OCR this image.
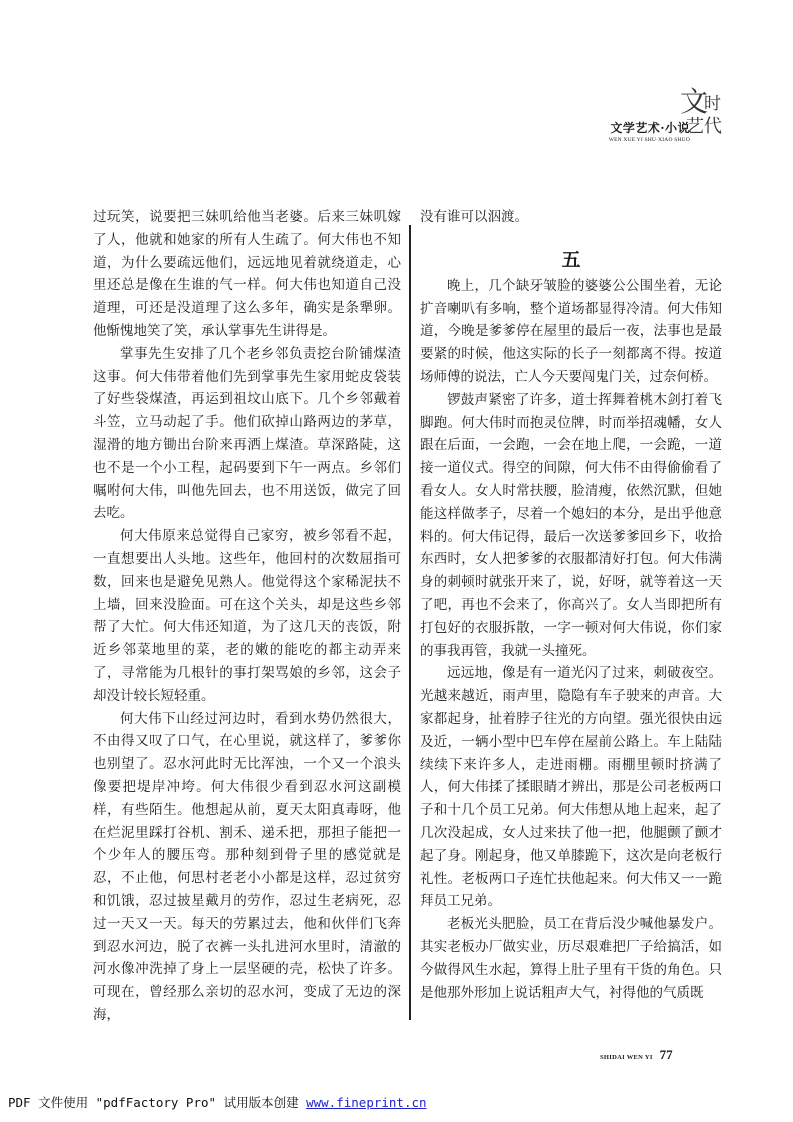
文学艺术·小说
WEN XUE YI SHU·XIAO SHUO
文
时
艺 代

过玩笑，说要把三妹叽给他当老婆。后来三妹叽嫁了人，他就和她家的所有人生疏了。何大伟也不知道，为什么要疏远他们，远远地见着就绕道走，心里还总是像在生谁的气一样。何大伟也知道自己没道理，可还是没道理了这么多年，确实是条犟卵。他惭愧地笑了笑，承认掌事先生讲得是。

掌事先生安排了几个老乡邻负责挖台阶铺煤渣这事。何大伟带着他们先到掌事先生家用蛇皮袋装了好些袋煤渣，再运到祖坟山底下。几个乡邻戴着斗笠，立马动起了手。他们砍掉山路两边的茅草，湿滑的地方锄出台阶来再洒上煤渣。草深路陡，这也不是一个小工程，起码要到下午一两点。乡邻们嘱咐何大伟，叫他先回去，也不用送饭，做完了回去吃。

何大伟原来总觉得自己家穷，被乡邻看不起，一直想要出人头地。这些年，他回村的次数屈指可数，回来也是避免见熟人。他觉得这个家稀泥扶不上墙，回来没脸面。可在这个关头，却是这些乡邻帮了大忙。何大伟还知道，为了这几天的丧饭，附近乡邻菜地里的菜，老的嫩的能吃的都主动弄来了，寻常能为几根针的事打架骂娘的乡邻，这会子却没计较长短轻重。

何大伟下山经过河边时，看到水势仍然很大，不由得又叹了口气，在心里说，就这样了，爹爹你也别望了。忍水河此时无比浑浊，一个又一个浪头像要把堤岸冲垮。何大伟很少看到忍水河这副模样，有些陌生。他想起从前，夏天太阳真毒呀，他在烂泥里踩打谷机、割禾、递禾把，那担子能把一个少年人的腰压弯。那种刻到骨子里的感觉就是忍，不止他，何思村老老小小都是这样，忍过贫穷和饥饿，忍过披星戴月的劳作，忍过生老病死，忍过一天又一天。每天的劳累过去，他和伙伴们飞奔到忍水河边，脱了衣裤一头扎进河水里时，清澈的河水像冲洗掉了身上一层坚硬的壳，松快了许多。可现在，曾经那么亲切的忍水河，变成了无边的深海，

没有谁可以泅渡。

五

晚上，几个缺牙皱脸的婆婆公公围坐着，无论扩音喇叭有多响，整个道场都显得冷清。何大伟知道，今晚是爹爹停在屋里的最后一夜，法事也是最要紧的时候，他这实际的长子一刻都离不得。按道场师傅的说法，亡人今天要闯鬼门关，过奈何桥。

锣鼓声紧密了许多，道士挥舞着桃木剑打着飞脚跑。何大伟时而抱灵位牌，时而举招魂幡，女人跟在后面，一会跑，一会在地上爬，一会跪，一道接一道仪式。得空的间隙，何大伟不由得偷偷看了看女人。女人时常扶腰，脸清瘦，依然沉默，但她能这样做孝子，尽着一个媳妇的本分，是出乎他意料的。何大伟记得，最后一次送爹爹回乡下，收拾东西时，女人把爹爹的衣服都清好打包。何大伟满身的刺顿时就张开来了，说，好呀，就等着这一天了吧，再也不会来了，你高兴了。女人当即把所有打包好的衣服拆散，一字一顿对何大伟说，你们家的事我再管，我就一头撞死。

远远地，像是有一道光闪了过来，刺破夜空。光越来越近，雨声里，隐隐有车子驶来的声音。大家都起身，扯着脖子往光的方向望。强光很快由远及近，一辆小型中巴车停在屋前公路上。车上陆陆续续下来许多人，走进雨棚。雨棚里顿时挤满了人，何大伟揉了揉眼睛才辨出，那是公司老板两口子和十几个员工兄弟。何大伟想从地上起来，起了几次没起成，女人过来扶了他一把，他腿颤了颤才起了身。刚起身，他又单膝跪下，这次是向老板行礼性。老板两口子连忙扶他起来。何大伟又一一跪拜员工兄弟。

老板光头肥脸，员工在背后没少喊他暴发户。其实老板办厂做实业，历尽艰难把厂子给搞活，如今做得风生水起，算得上肚子里有干货的角色。只是他那外形加上说话粗声大气，衬得他的气质既

SHIDAI WEN YI 77
PDF 文件使用 "pdfFactory Pro" 试用版本创建 www.fineprint.cn
